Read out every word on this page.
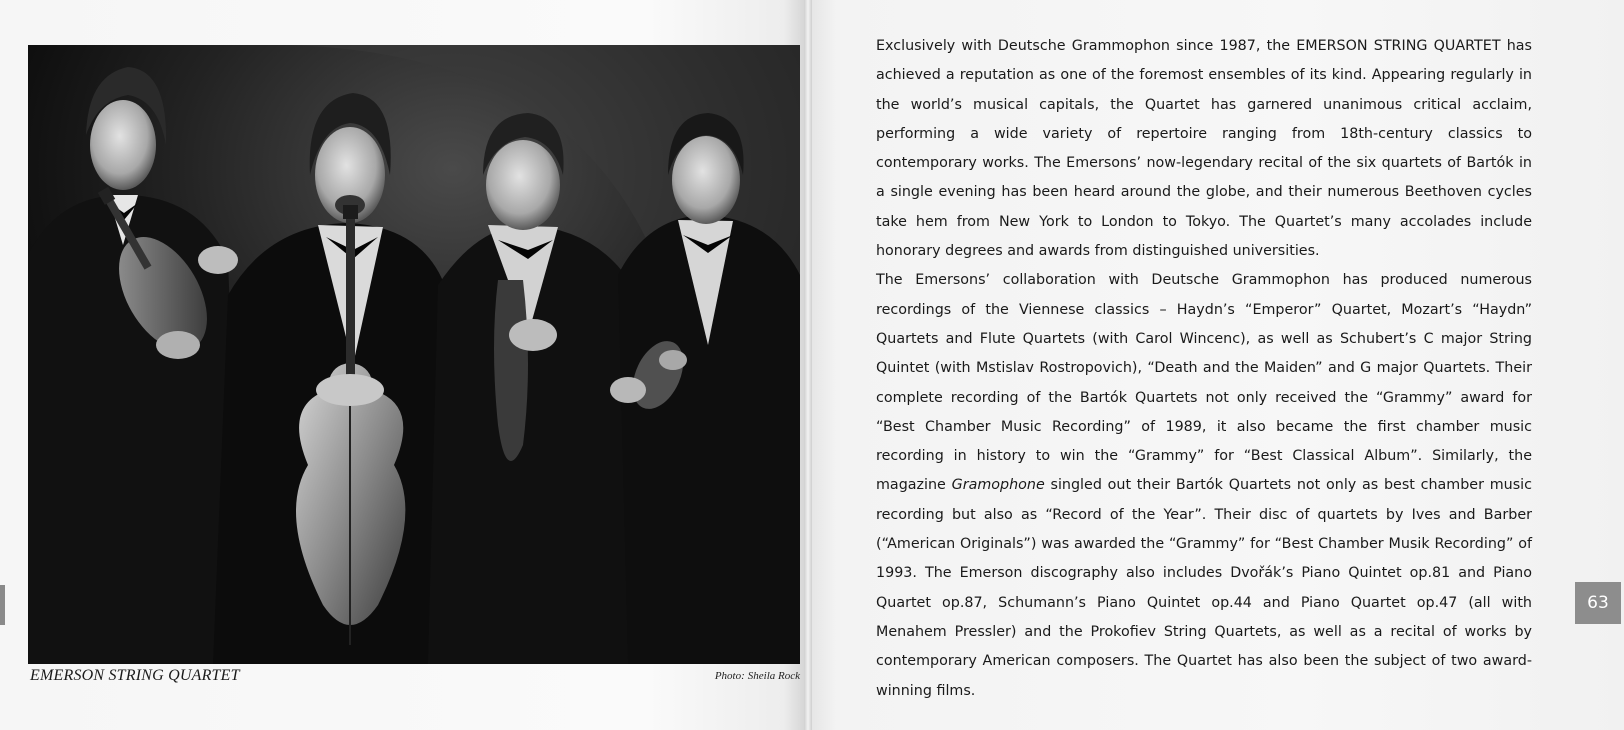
EMERSON STRING QUARTET	Photo: Sheila Rock

Exclusively with Deutsche Grammophon since 1987, the EMERSON STRING QUARTET has achieved a reputation as one of the foremost ensembles of its kind. Appearing regularly in the world’s musical capitals, the Quartet has garnered unanimous critical acclaim, performing a wide variety of repertoire ranging from 18th-century classics to contemporary works. The Emersons’ now-legendary recital of the six quartets of Bartók in a single evening has been heard around the globe, and their numerous Beethoven cycles take hem from New York to London to Tokyo. The Quartet’s many accolades include honorary degrees and awards from distinguished universities.

The Emersons’ collaboration with Deutsche Grammophon has produced numerous recordings of the Viennese classics – Haydn’s “Emperor” Quartet, Mozart’s “Haydn” Quartets and Flute Quartets (with Carol Wincenc), as well as Schubert’s C major String Quintet (with Mstislav Rostropovich), “Death and the Maiden” and G major Quartets. Their complete recording of the Bartók Quartets not only received the “Grammy” award for “Best Chamber Music Recording” of 1989, it also became the first chamber music recording in history to win the “Grammy” for “Best Classical Album”. Similarly, the magazine Gramophone singled out their Bartók Quartets not only as best chamber music recording but also as “Record of the Year”. Their disc of quartets by Ives and Barber (“American Originals”) was awarded the “Grammy” for “Best Chamber Musik Recording” of 1993. The Emerson discography also includes Dvořák’s Piano Quintet op.81 and Piano Quartet op.87, Schumann’s Piano Quintet op.44 and Piano Quartet op.47 (all with Menahem Pressler) and the Prokofiev String Quartets, as well as a recital of works by contemporary American composers. The Quartet has also been the subject of two award-winning films.

63
